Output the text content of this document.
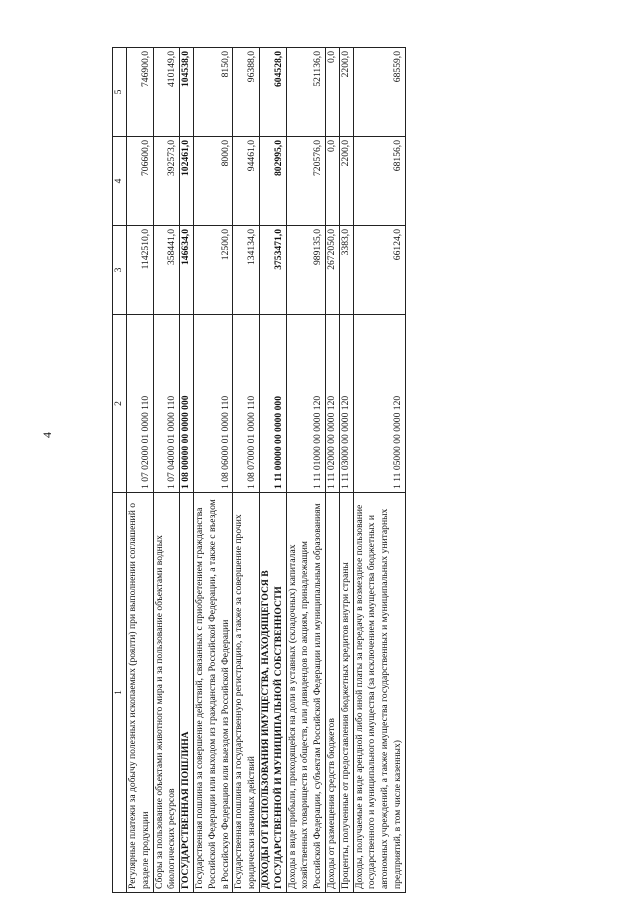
4
1	2	3	4	5
Регулярные платежи за добычу полезных ископаемых (роялти) при выполнении соглашений о разделе продукции	1 07 02000 01 0000 110	1142510,0	706600,0	746900,0
Сборы за пользование объектами животного мира и за пользование объектами водных биологических ресурсов	1 07 04000 01 0000 110	358441,0	392573,0	410149,0
ГОСУДАРСТВЕННАЯ ПОШЛИНА	1 08 00000 00 0000 000	146634,0	102461,0	104538,0
Государственная пошлина за совершение действий, связанных с приобретением гражданства Российской Федерации или выходом из гражданства Российской Федерации, а также с въездом в Российскую Федерацию или выездом из Российской Федерации	1 08 06000 01 0000 110	12500,0	8000,0	8150,0
Государственная пошлина за государственную регистрацию, а также за совершение прочих юридически значимых действий	1 08 07000 01 0000 110	134134,0	94461,0	96388,0
ДОХОДЫ ОТ ИСПОЛЬЗОВАНИЯ ИМУЩЕСТВА, НАХОДЯЩЕГОСЯ В ГОСУДАРСТВЕННОЙ И МУНИЦИПАЛЬНОЙ СОБСТВЕННОСТИ	1 11 00000 00 0000 000	3753471,0	802995,0	604528,0
Доходы в виде прибыли, приходящейся на доли в уставных (складочных) капиталах хозяйственных товариществ и обществ, или дивидендов по акциям, принадлежащим Российской Федерации, субъектам Российской Федерации или муниципальным образованиям	1 11 01000 00 0000 120	989135,0	720576,0	521136,0
Доходы от размещения средств бюджетов	1 11 02000 00 0000 120	2672050,0	0,0	0,0
Проценты, полученные от предоставления бюджетных кредитов внутри страны	1 11 03000 00 0000 120	3383,0	2200,0	2200,0
Доходы, получаемые в виде арендной либо иной платы за передачу в возмездное пользование государственного и муниципального имущества (за исключением имущества бюджетных и автономных учреждений, а также имущества государственных и муниципальных унитарных предприятий, в том числе казенных)	1 11 05000 00 0000 120	66124,0	68156,0	68559,0
